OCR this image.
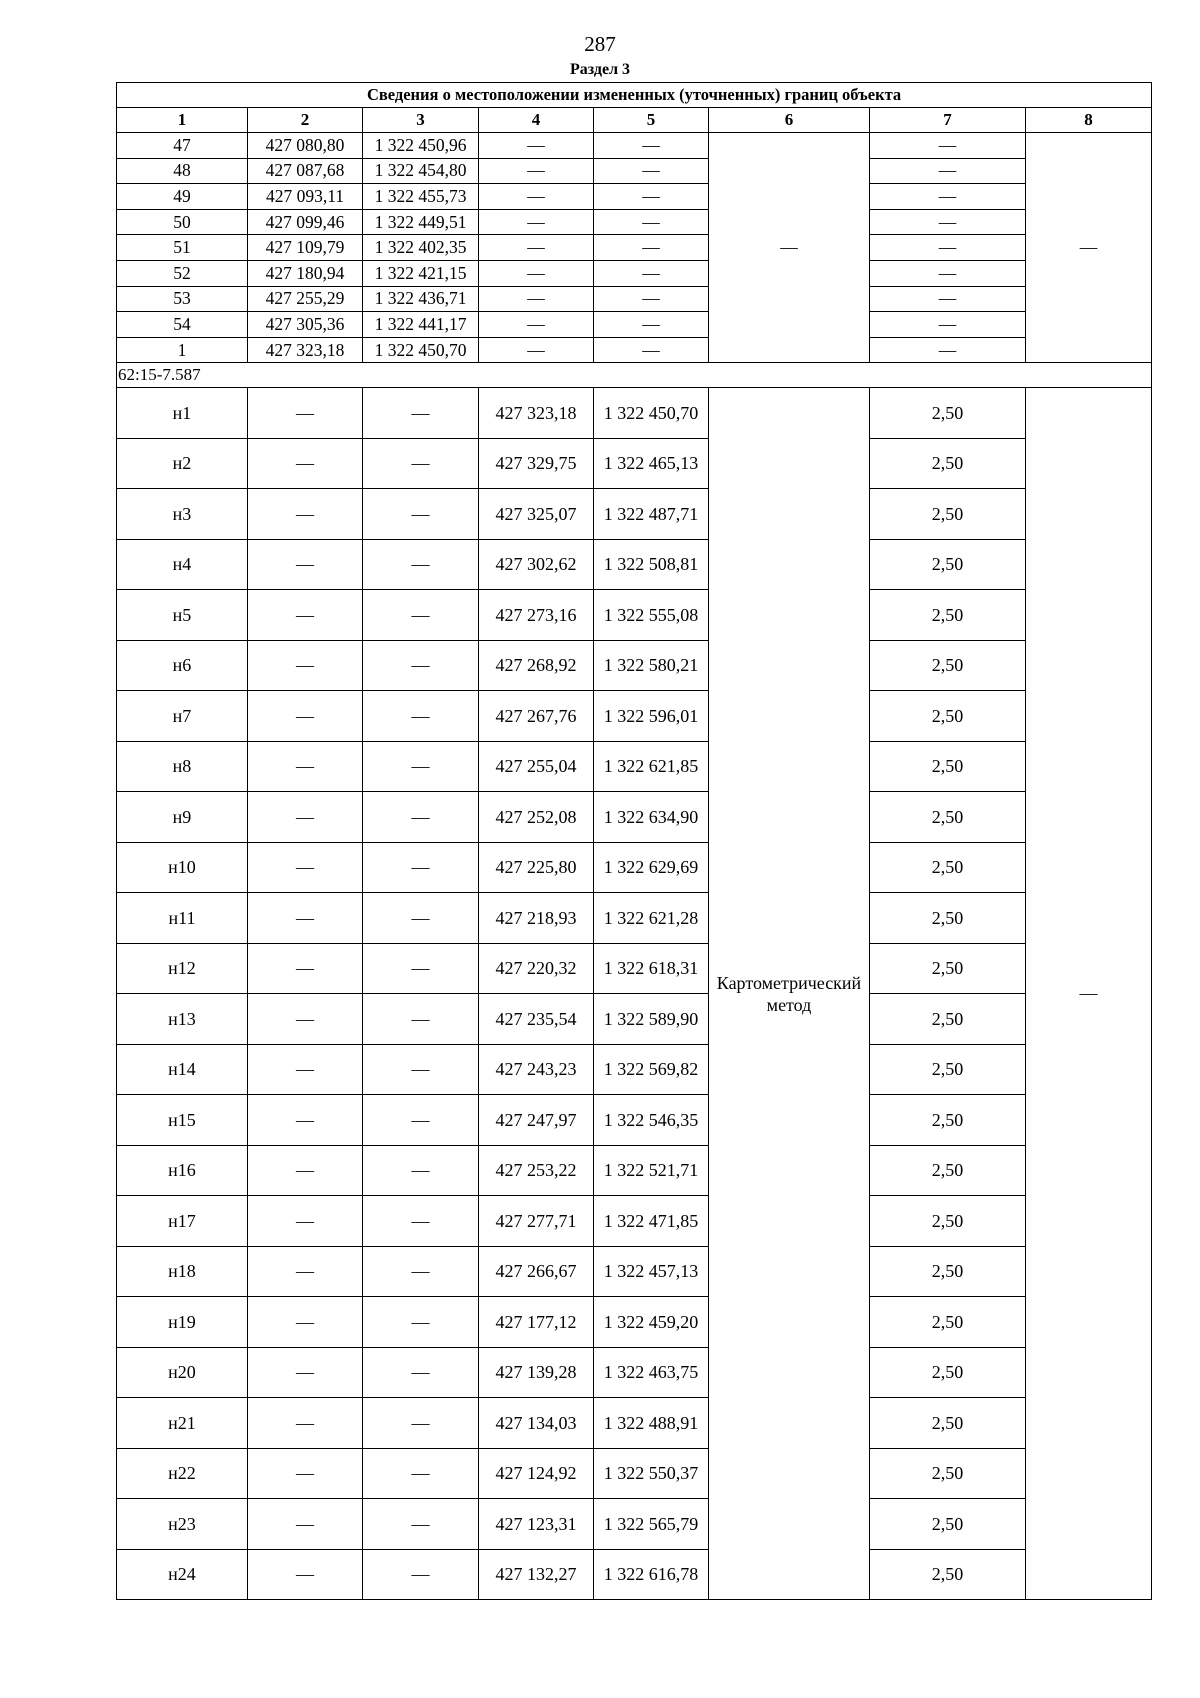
287
Раздел 3
Сведения о местоположении измененных (уточненных) границ объекта							
1	2	3	4	5	6	7	8
47	427 080,80	1 322 450,96	—	—	—	—	—
48	427 087,68	1 322 454,80	—	—		—	
49	427 093,11	1 322 455,73	—	—		—	
50	427 099,46	1 322 449,51	—	—		—	
51	427 109,79	1 322 402,35	—	—		—	
52	427 180,94	1 322 421,15	—	—		—	
53	427 255,29	1 322 436,71	—	—		—	
54	427 305,36	1 322 441,17	—	—		—	
1	427 323,18	1 322 450,70	—	—		—	
62:15-7.587							
н1	—	—	427 323,18	1 322 450,70	Картометрический метод	2,50	—
н2	—	—	427 329,75	1 322 465,13		2,50	
н3	—	—	427 325,07	1 322 487,71		2,50	
н4	—	—	427 302,62	1 322 508,81		2,50	
н5	—	—	427 273,16	1 322 555,08		2,50	
н6	—	—	427 268,92	1 322 580,21		2,50	
н7	—	—	427 267,76	1 322 596,01		2,50	
н8	—	—	427 255,04	1 322 621,85		2,50	
н9	—	—	427 252,08	1 322 634,90		2,50	
н10	—	—	427 225,80	1 322 629,69		2,50	
н11	—	—	427 218,93	1 322 621,28		2,50	
н12	—	—	427 220,32	1 322 618,31		2,50	
н13	—	—	427 235,54	1 322 589,90		2,50	
н14	—	—	427 243,23	1 322 569,82		2,50	
н15	—	—	427 247,97	1 322 546,35		2,50	
н16	—	—	427 253,22	1 322 521,71		2,50	
н17	—	—	427 277,71	1 322 471,85		2,50	
н18	—	—	427 266,67	1 322 457,13		2,50	
н19	—	—	427 177,12	1 322 459,20		2,50	
н20	—	—	427 139,28	1 322 463,75		2,50	
н21	—	—	427 134,03	1 322 488,91		2,50	
н22	—	—	427 124,92	1 322 550,37		2,50	
н23	—	—	427 123,31	1 322 565,79		2,50	
н24	—	—	427 132,27	1 322 616,78		2,50	
